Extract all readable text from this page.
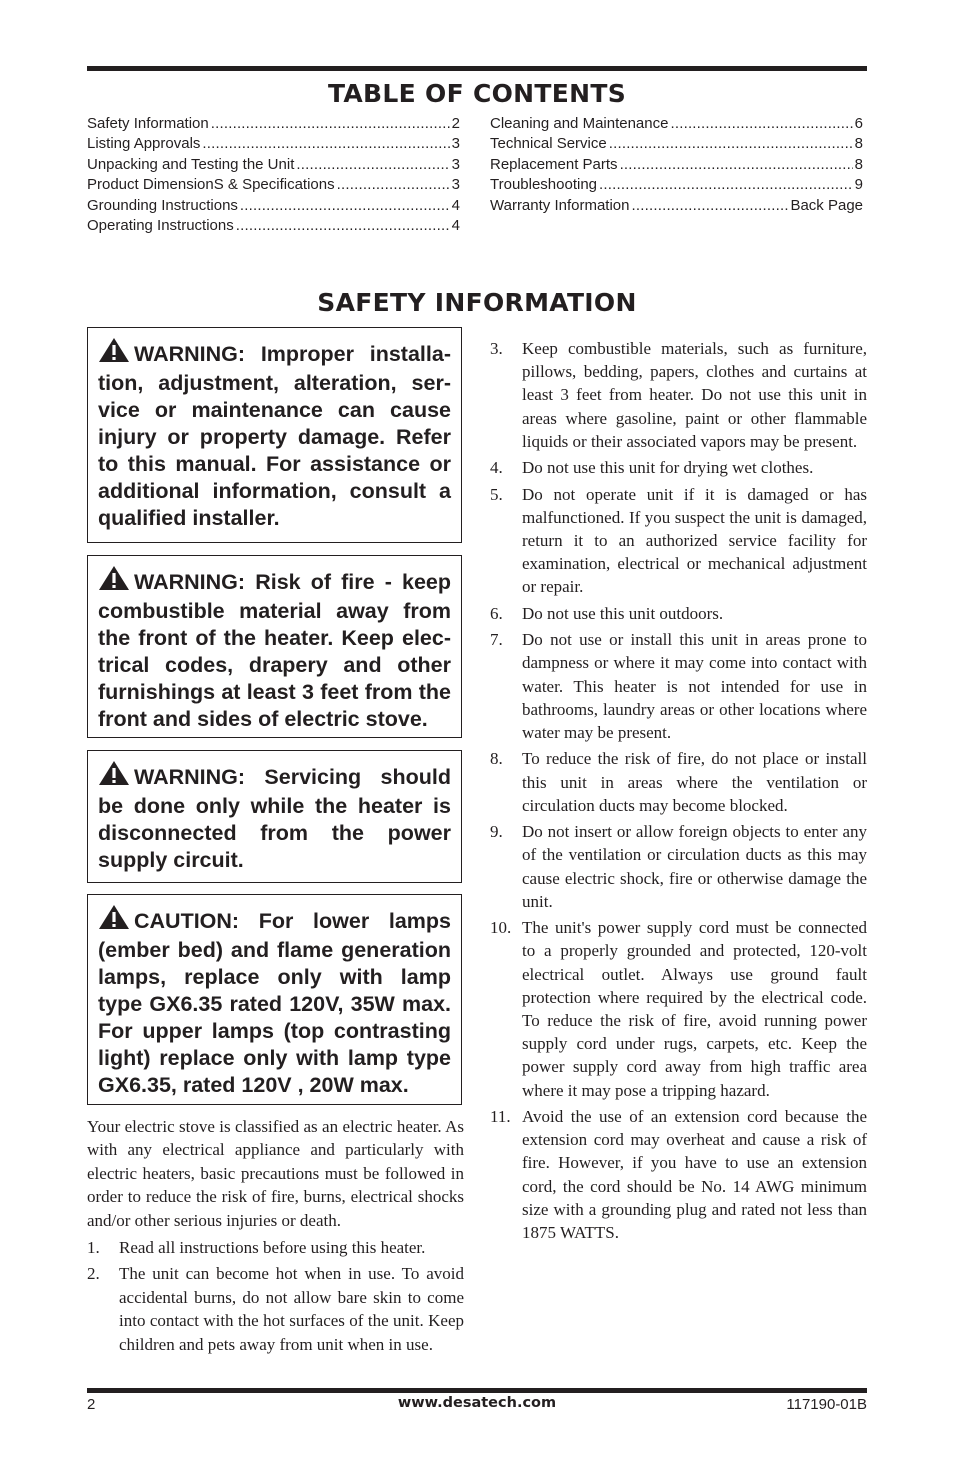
TABLE OF CONTENTS
Safety Information .....	2
Listing Approvals .....	3
Unpacking and Testing the Unit .....	3
Product DimensionS & Specifications .....	3
Grounding Instructions .....	4
Operating Instructions .....	4
Cleaning and Maintenance .....	6
Technical Service .....	8
Replacement Parts .....	8
Troubleshooting .....	9
Warranty Information .....	Back Page
SAFETY INFORMATION
WARNING: Improper installa-tion, adjustment, alteration, ser-vice or maintenance can cause injury or property damage. Refer to this manual. For assistance or additional information, consult a qualified installer.
WARNING: Risk of fire - keep combustible material away from the front of the heater. Keep elec-trical codes, drapery and other furnishings at least 3 feet from the front and sides of electric stove.
WARNING: Servicing should be done only while the heater is disconnected from the power supply circuit.
CAUTION: For lower lamps (ember bed) and flame generation lamps, replace only with lamp type GX6.35 rated 120V, 35W max. For upper lamps (top contrasting light) replace only with lamp type GX6.35, rated 120V , 20W max.

Your electric stove is classified as an electric heater. As with any electrical appliance and particularly with electric heaters, basic precautions must be followed in order to reduce the risk of fire, burns, electrical shocks and/or other serious injuries or death.

1. Read all instructions before using this heater.
2. The unit can become hot when in use. To avoid accidental burns, do not allow bare skin to come into contact with the hot surfaces of the unit. Keep children and pets away from unit when in use.
3. Keep combustible materials, such as furniture, pillows, bedding, papers, clothes and curtains at least 3 feet from heater. Do not use this unit in areas where gasoline, paint or other flammable liquids or their associated vapors may be present.
4. Do not use this unit for drying wet clothes.
5. Do not operate unit if it is damaged or has malfunctioned. If you suspect the unit is damaged, return it to an authorized service facility for examination, electrical or mechanical adjustment or repair.
6. Do not use this unit outdoors.
7. Do not use or install this unit in areas prone to dampness or where it may come into contact with water. This heater is not intended for use in bathrooms, laundry areas or other locations where water may be present.
8. To reduce the risk of fire, do not place or install this unit in areas where the ventilation or circulation ducts may become blocked.
9. Do not insert or allow foreign objects to enter any of the ventilation or circulation ducts as this may cause electric shock, fire or otherwise damage the unit.
10. The unit's power supply cord must be connected to a properly grounded and protected, 120-volt electrical outlet. Always use ground fault protection where required by the electrical code. To reduce the risk of fire, avoid running power supply cord under rugs, carpets, etc. Keep the power supply cord away from high traffic area where it may pose a tripping hazard.
11. Avoid the use of an extension cord because the extension cord may overheat and cause a risk of fire. However, if you have to use an extension cord, the cord should be No. 14 AWG minimum size with a grounding plug and rated not less than 1875 WATTS.
2	www.desatech.com	117190-01B
